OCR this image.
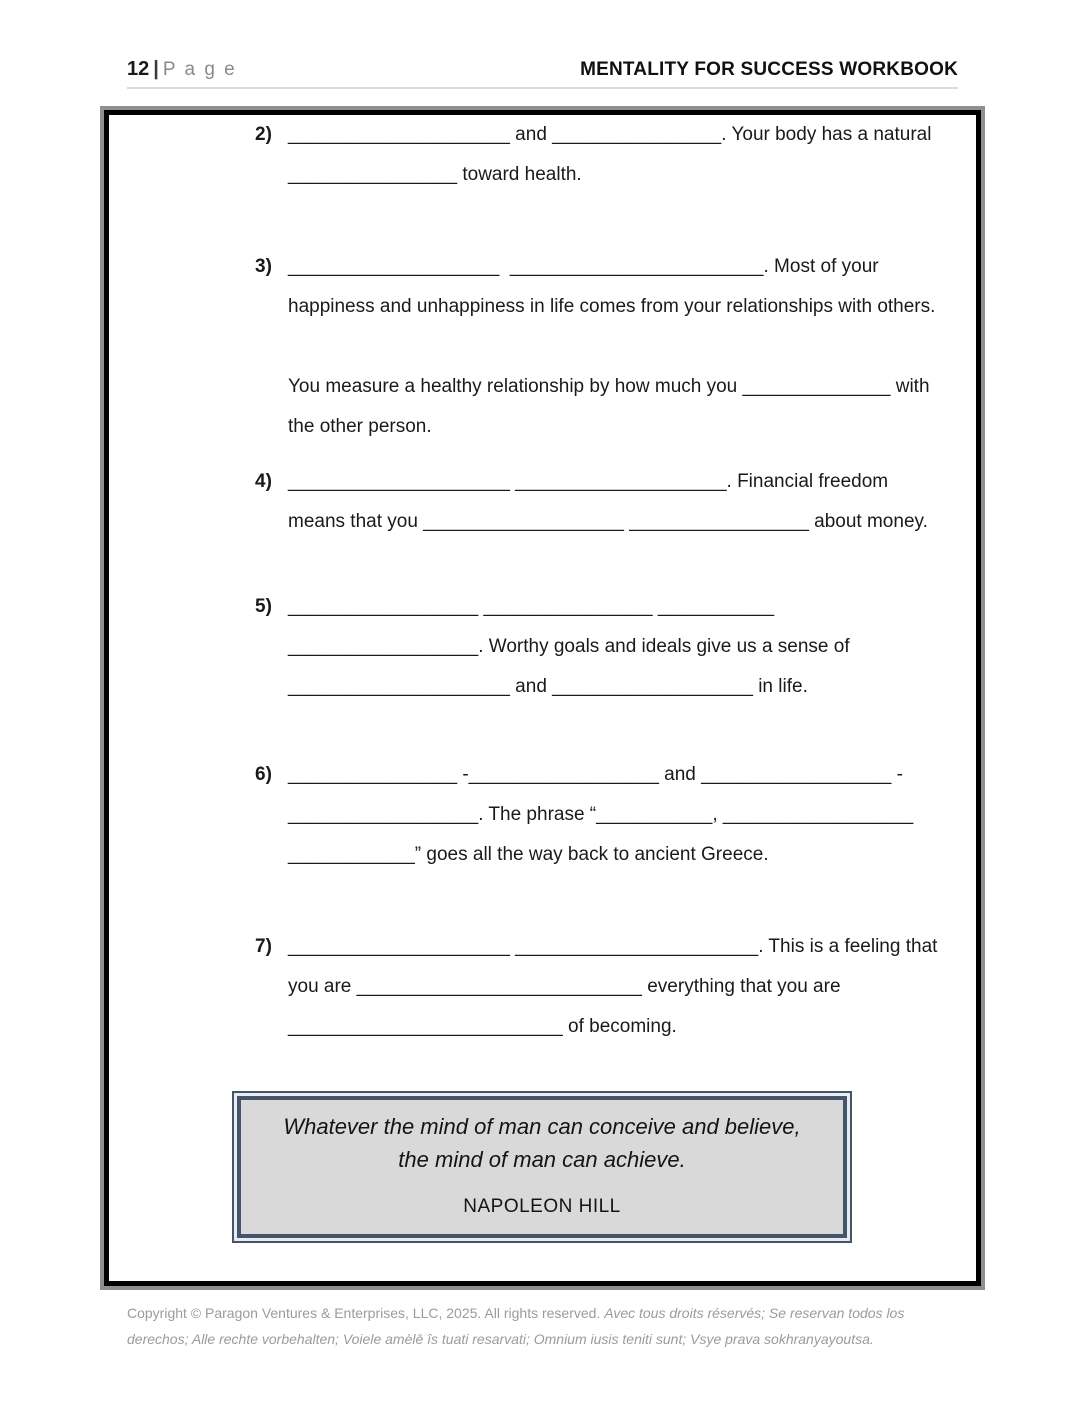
12 | P a g e	MENTALITY FOR SUCCESS WORKBOOK
2) _____________________ and ________________. Your body has a natural
________________ toward health.
3) ____________________  ________________________. Most of your
happiness and unhappiness in life comes from your relationships with others.
You measure a healthy relationship by how much you ______________ with
the other person.
4) _____________________ ____________________. Financial freedom
means that you ___________________ _________________ about money.
5) __________________ ________________ ___________
__________________. Worthy goals and ideals give us a sense of
_____________________ and ___________________ in life.
6) ________________ -__________________ and __________________ -
__________________. The phrase “___________, __________________
____________” goes all the way back to ancient Greece.
7) _____________________ _______________________. This is a feeling that
you are ___________________________ everything that you are
__________________________ of becoming.
Whatever the mind of man can conceive and believe,
the mind of man can achieve.
NAPOLEON HILL
Copyright © Paragon Ventures & Enterprises, LLC, 2025. All rights reserved. Avec tous droits réservés; Se reservan todos los derechos; Alle rechte vorbehalten; Voiele amèlē îs tuati resarvati; Omnium iusis teniti sunt; Vsye prava sokhranyayoutsa.
